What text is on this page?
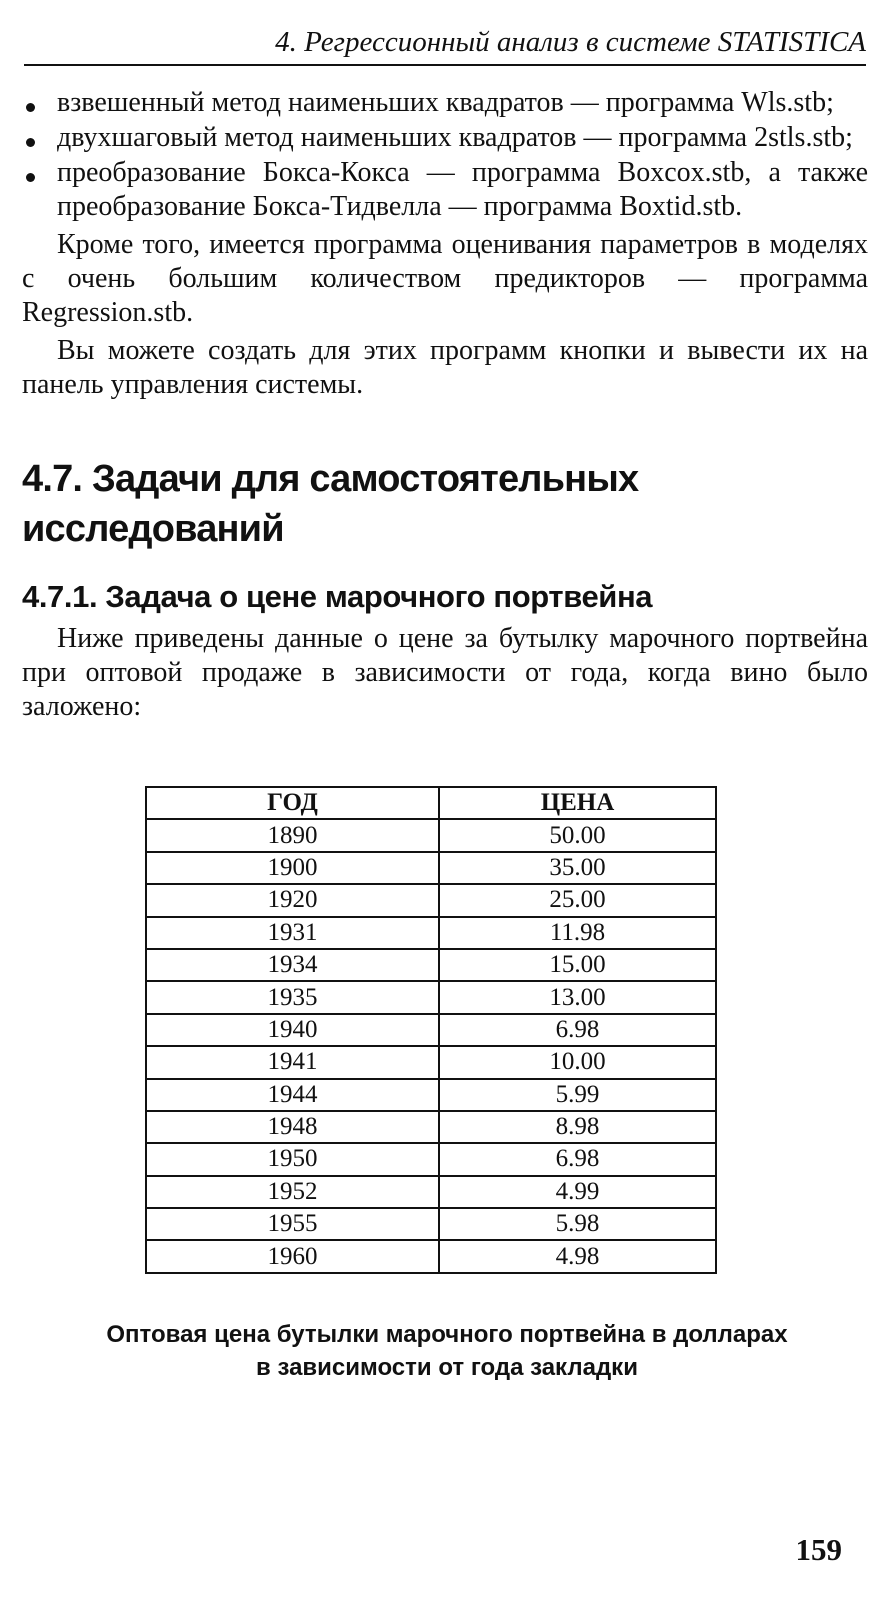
4. Регрессионный анализ в системе STATISTICA
взвешенный метод наименьших квадратов — программа Wls.stb;
двухшаговый метод наименьших квадратов — программа 2stls.stb;
преобразование Бокса-Кокса — программа Boxcox.stb, а также преобразование Бокса-Тидвелла — программа Boxtid.stb.

Кроме того, имеется программа оценивания параметров в моделях с очень большим количеством предикторов — программа Regression.stb.

Вы можете создать для этих программ кнопки и вывести их на панель управления системы.

4.7. Задачи для самостоятельных исследований
4.7.1. Задача о цене марочного портвейна

Ниже приведены данные о цене за бутылку марочного портвейна при оптовой продаже в зависимости от года, когда вино было заложено:

ГОД	ЦЕНА
1890	50.00
1900	35.00
1920	25.00
1931	11.98
1934	15.00
1935	13.00
1940	6.98
1941	10.00
1944	5.99
1948	8.98
1950	6.98
1952	4.99
1955	5.98
1960	4.98
Оптовая цена бутылки марочного портвейна в долларах
в зависимости от года закладки
159
